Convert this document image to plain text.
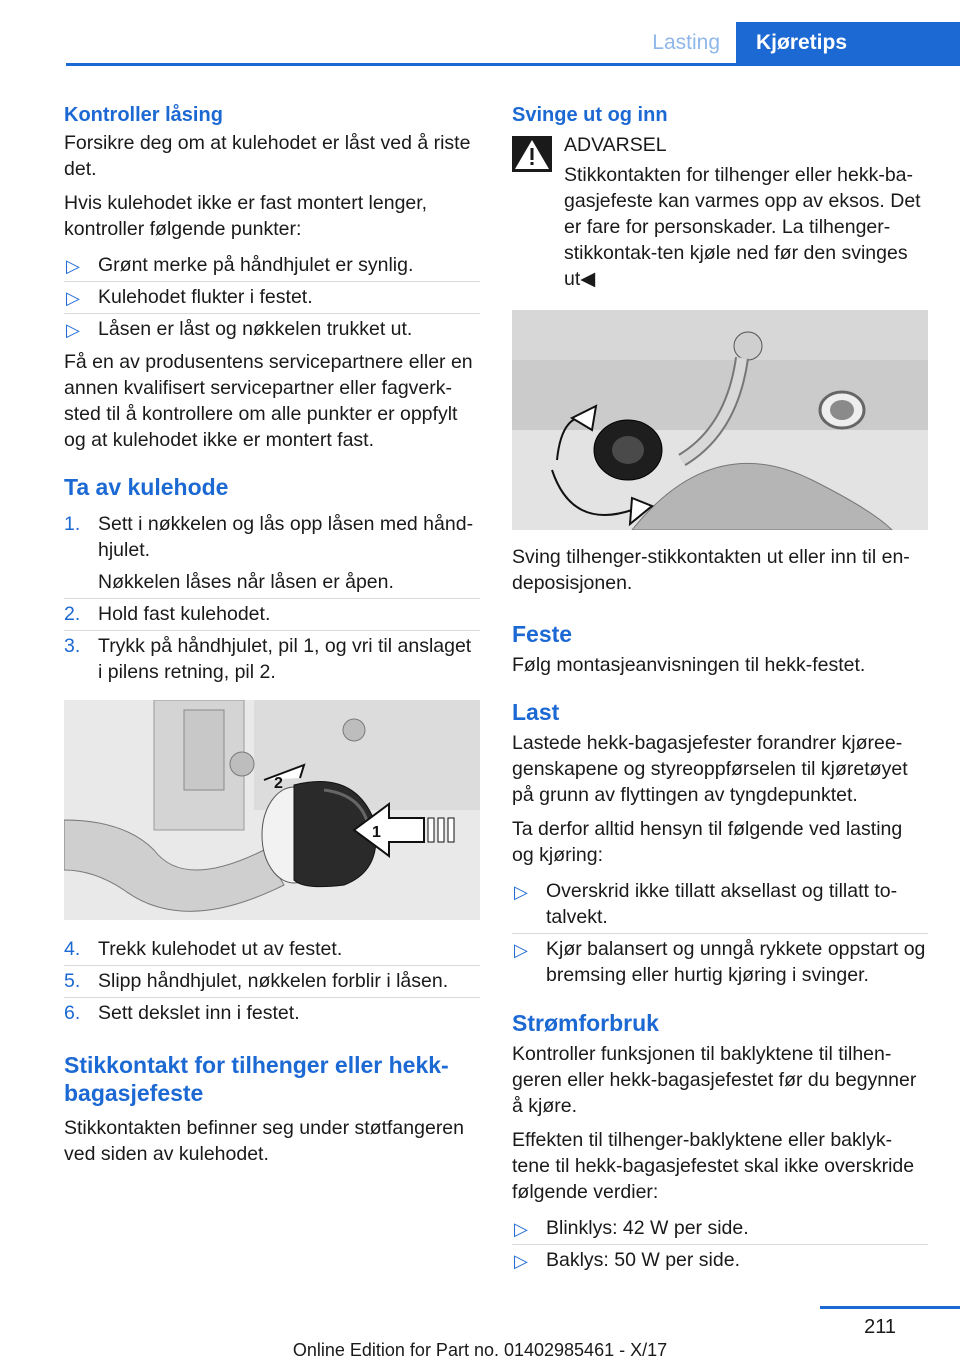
Lasting	Kjøretips
Kontroller låsing

Forsikre deg om at kulehodet er låst ved å riste det.

Hvis kulehodet ikke er fast montert lenger, kontroller følgende punkter:

▷ Grønt merke på håndhjulet er synlig.
▷ Kulehodet flukter i festet.
▷ Låsen er låst og nøkkelen trukket ut.

Få en av produsentens servicepartnere eller en annen kvalifisert servicepartner eller fagverk-sted til å kontrollere om alle punkter er oppfylt og at kulehodet ikke er montert fast.

Ta av kulehode
1. Sett i nøkkelen og lås opp låsen med hånd-hjulet.
Nøkkelen låses når låsen er åpen.
2. Hold fast kulehodet.
3. Trykk på håndhjulet, pil 1, og vri til anslaget i pilens retning, pil 2.
1
2
4. Trekk kulehodet ut av festet.
5. Slipp håndhjulet, nøkkelen forblir i låsen.
6. Sett dekslet inn i festet.
Stikkontakt for tilhenger eller hekk-bagasjefeste

Stikkontakten befinner seg under støtfangeren ved siden av kulehodet.

Svinge ut og inn
ADVARSEL

Stikkontakten for tilhenger eller hekk-ba-gasjefeste kan varmes opp av eksos. Det er fare for personskader. La tilhenger-stikkontak-ten kjøle ned før den svinges ut◀

Sving tilhenger-stikkontakten ut eller inn til en-deposisjonen.

Feste

Følg montasjeanvisningen til hekk-festet.

Last

Lastede hekk-bagasjefester forandrer kjøree-genskapene og styreoppførselen til kjøretøyet på grunn av flyttingen av tyngdepunktet.

Ta derfor alltid hensyn til følgende ved lasting og kjøring:

▷ Overskrid ikke tillatt aksellast og tillatt to-talvekt.
▷ Kjør balansert og unngå rykkete oppstart og bremsing eller hurtig kjøring i svinger.
Strømforbruk

Kontroller funksjonen til baklyktene til tilhen-geren eller hekk-bagasjefestet før du begynner å kjøre.

Effekten til tilhenger-baklyktene eller baklyk-tene til hekk-bagasjefestet skal ikke overskride følgende verdier:

▷ Blinklys: 42 W per side.
▷ Baklys: 50 W per side.
211
Online Edition for Part no. 01402985461 - X/17
